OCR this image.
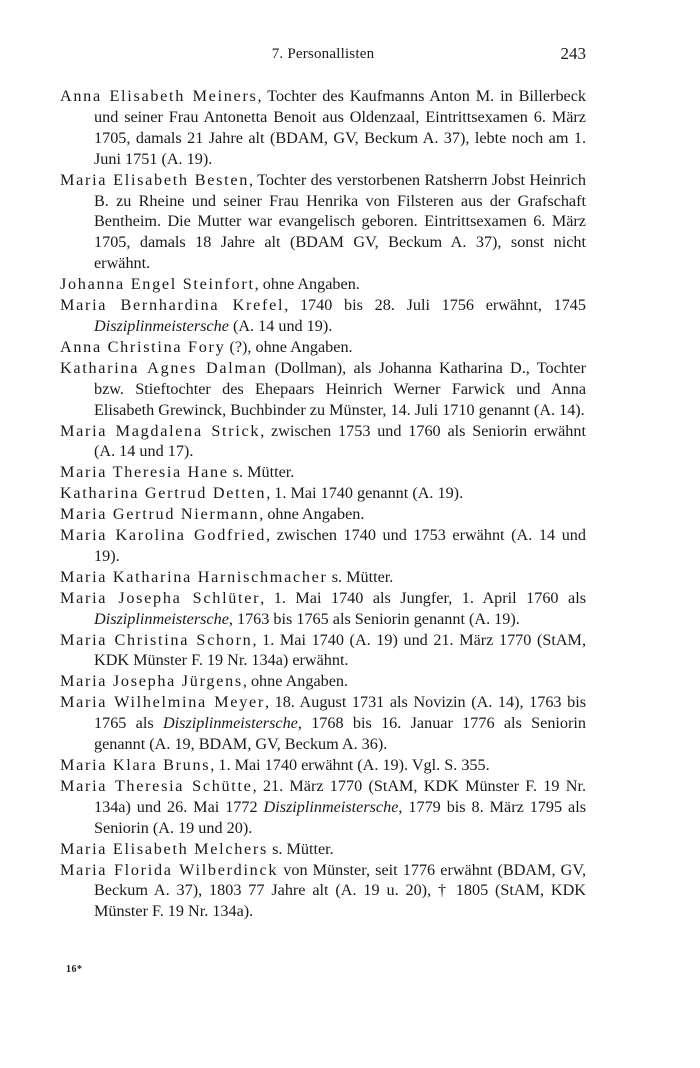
7. Personallisten	243

Anna Elisabeth Meiners, Tochter des Kaufmanns Anton M. in Billerbeck und seiner Frau Antonetta Benoit aus Oldenzaal, Eintrittsexamen 6. März 1705, damals 21 Jahre alt (BDAM, GV, Beckum A. 37), lebte noch am 1. Juni 1751 (A. 19).

Maria Elisabeth Besten, Tochter des verstorbenen Ratsherrn Jobst Heinrich B. zu Rheine und seiner Frau Henrika von Filsteren aus der Grafschaft Bentheim. Die Mutter war evangelisch geboren. Eintrittsexamen 6. März 1705, damals 18 Jahre alt (BDAM GV, Beckum A. 37), sonst nicht erwähnt.

Johanna Engel Steinfort, ohne Angaben.

Maria Bernhardina Krefel, 1740 bis 28. Juli 1756 erwähnt, 1745 Disziplinmeistersche (A. 14 und 19).

Anna Christina Fory (?), ohne Angaben.

Katharina Agnes Dalman (Dollman), als Johanna Katharina D., Tochter bzw. Stieftochter des Ehepaars Heinrich Werner Farwick und Anna Elisabeth Grewinck, Buchbinder zu Münster, 14. Juli 1710 genannt (A. 14).

Maria Magdalena Strick, zwischen 1753 und 1760 als Seniorin erwähnt (A. 14 und 17).

Maria Theresia Hane s. Mütter.

Katharina Gertrud Detten, 1. Mai 1740 genannt (A. 19).

Maria Gertrud Niermann, ohne Angaben.

Maria Karolina Godfried, zwischen 1740 und 1753 erwähnt (A. 14 und 19).

Maria Katharina Harnischmacher s. Mütter.

Maria Josepha Schlüter, 1. Mai 1740 als Jungfer, 1. April 1760 als Disziplinmeistersche, 1763 bis 1765 als Seniorin genannt (A. 19).

Maria Christina Schorn, 1. Mai 1740 (A. 19) und 21. März 1770 (StAM, KDK Münster F. 19 Nr. 134a) erwähnt.

Maria Josepha Jürgens, ohne Angaben.

Maria Wilhelmina Meyer, 18. August 1731 als Novizin (A. 14), 1763 bis 1765 als Disziplinmeistersche, 1768 bis 16. Januar 1776 als Seniorin genannt (A. 19, BDAM, GV, Beckum A. 36).

Maria Klara Bruns, 1. Mai 1740 erwähnt (A. 19). Vgl. S. 355.

Maria Theresia Schütte, 21. März 1770 (StAM, KDK Münster F. 19 Nr. 134a) und 26. Mai 1772 Disziplinmeistersche, 1779 bis 8. März 1795 als Seniorin (A. 19 und 20).

Maria Elisabeth Melchers s. Mütter.

Maria Florida Wilberdinck von Münster, seit 1776 erwähnt (BDAM, GV, Beckum A. 37), 1803 77 Jahre alt (A. 19 u. 20), † 1805 (StAM, KDK Münster F. 19 Nr. 134a).

16*
